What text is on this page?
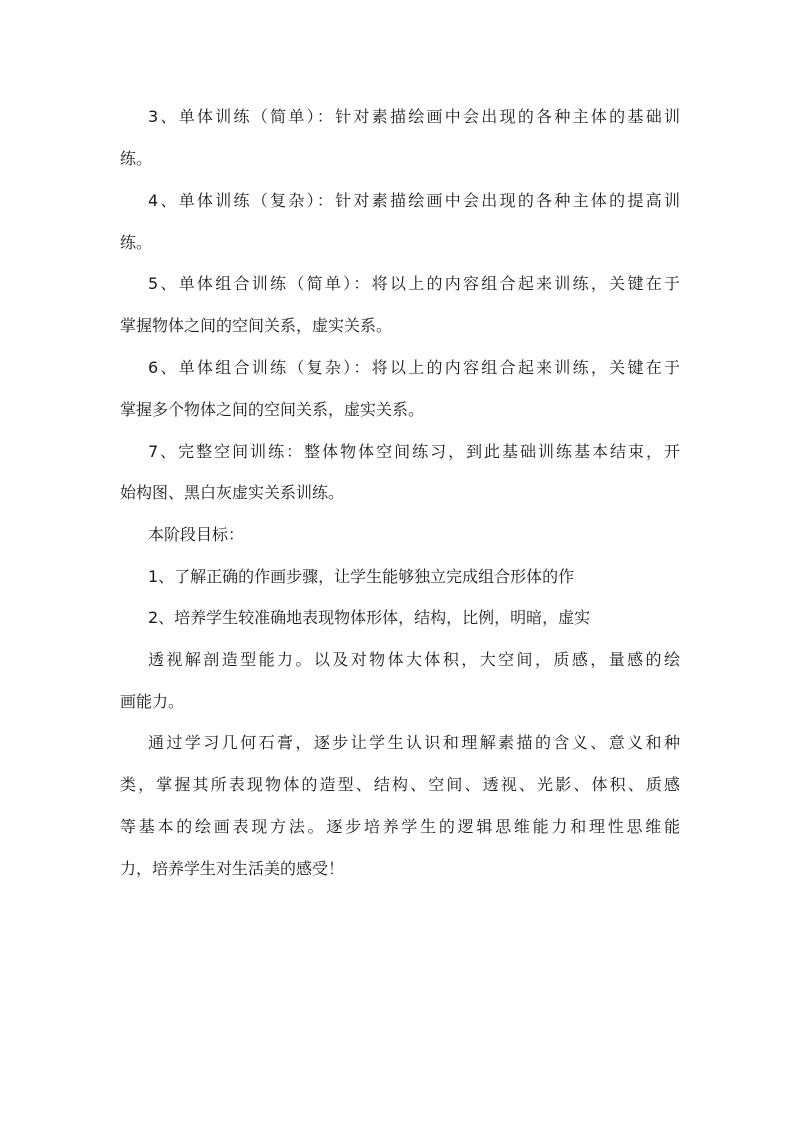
3、单体训练（简单）：针对素描绘画中会出现的各种主体的基础训

练。

4、单体训练（复杂）：针对素描绘画中会出现的各种主体的提高训

练。

5、单体组合训练（简单）：将以上的内容组合起来训练，关键在于

掌握物体之间的空间关系，虚实关系。

6、单体组合训练（复杂）：将以上的内容组合起来训练，关键在于

掌握多个物体之间的空间关系，虚实关系。

7、完整空间训练：整体物体空间练习，到此基础训练基本结束，开

始构图、黑白灰虚实关系训练。

本阶段目标：

1、了解正确的作画步骤，让学生能够独立完成组合形体的作

2、培养学生较准确地表现物体形体，结构，比例，明暗，虚实

透视解剖造型能力。以及对物体大体积，大空间，质感，量感的绘

画能力。

通过学习几何石膏，逐步让学生认识和理解素描的含义、意义和种

类，掌握其所表现物体的造型、结构、空间、透视、光影、体积、质感

等基本的绘画表现方法。逐步培养学生的逻辑思维能力和理性思维能

力，培养学生对生活美的感受！
